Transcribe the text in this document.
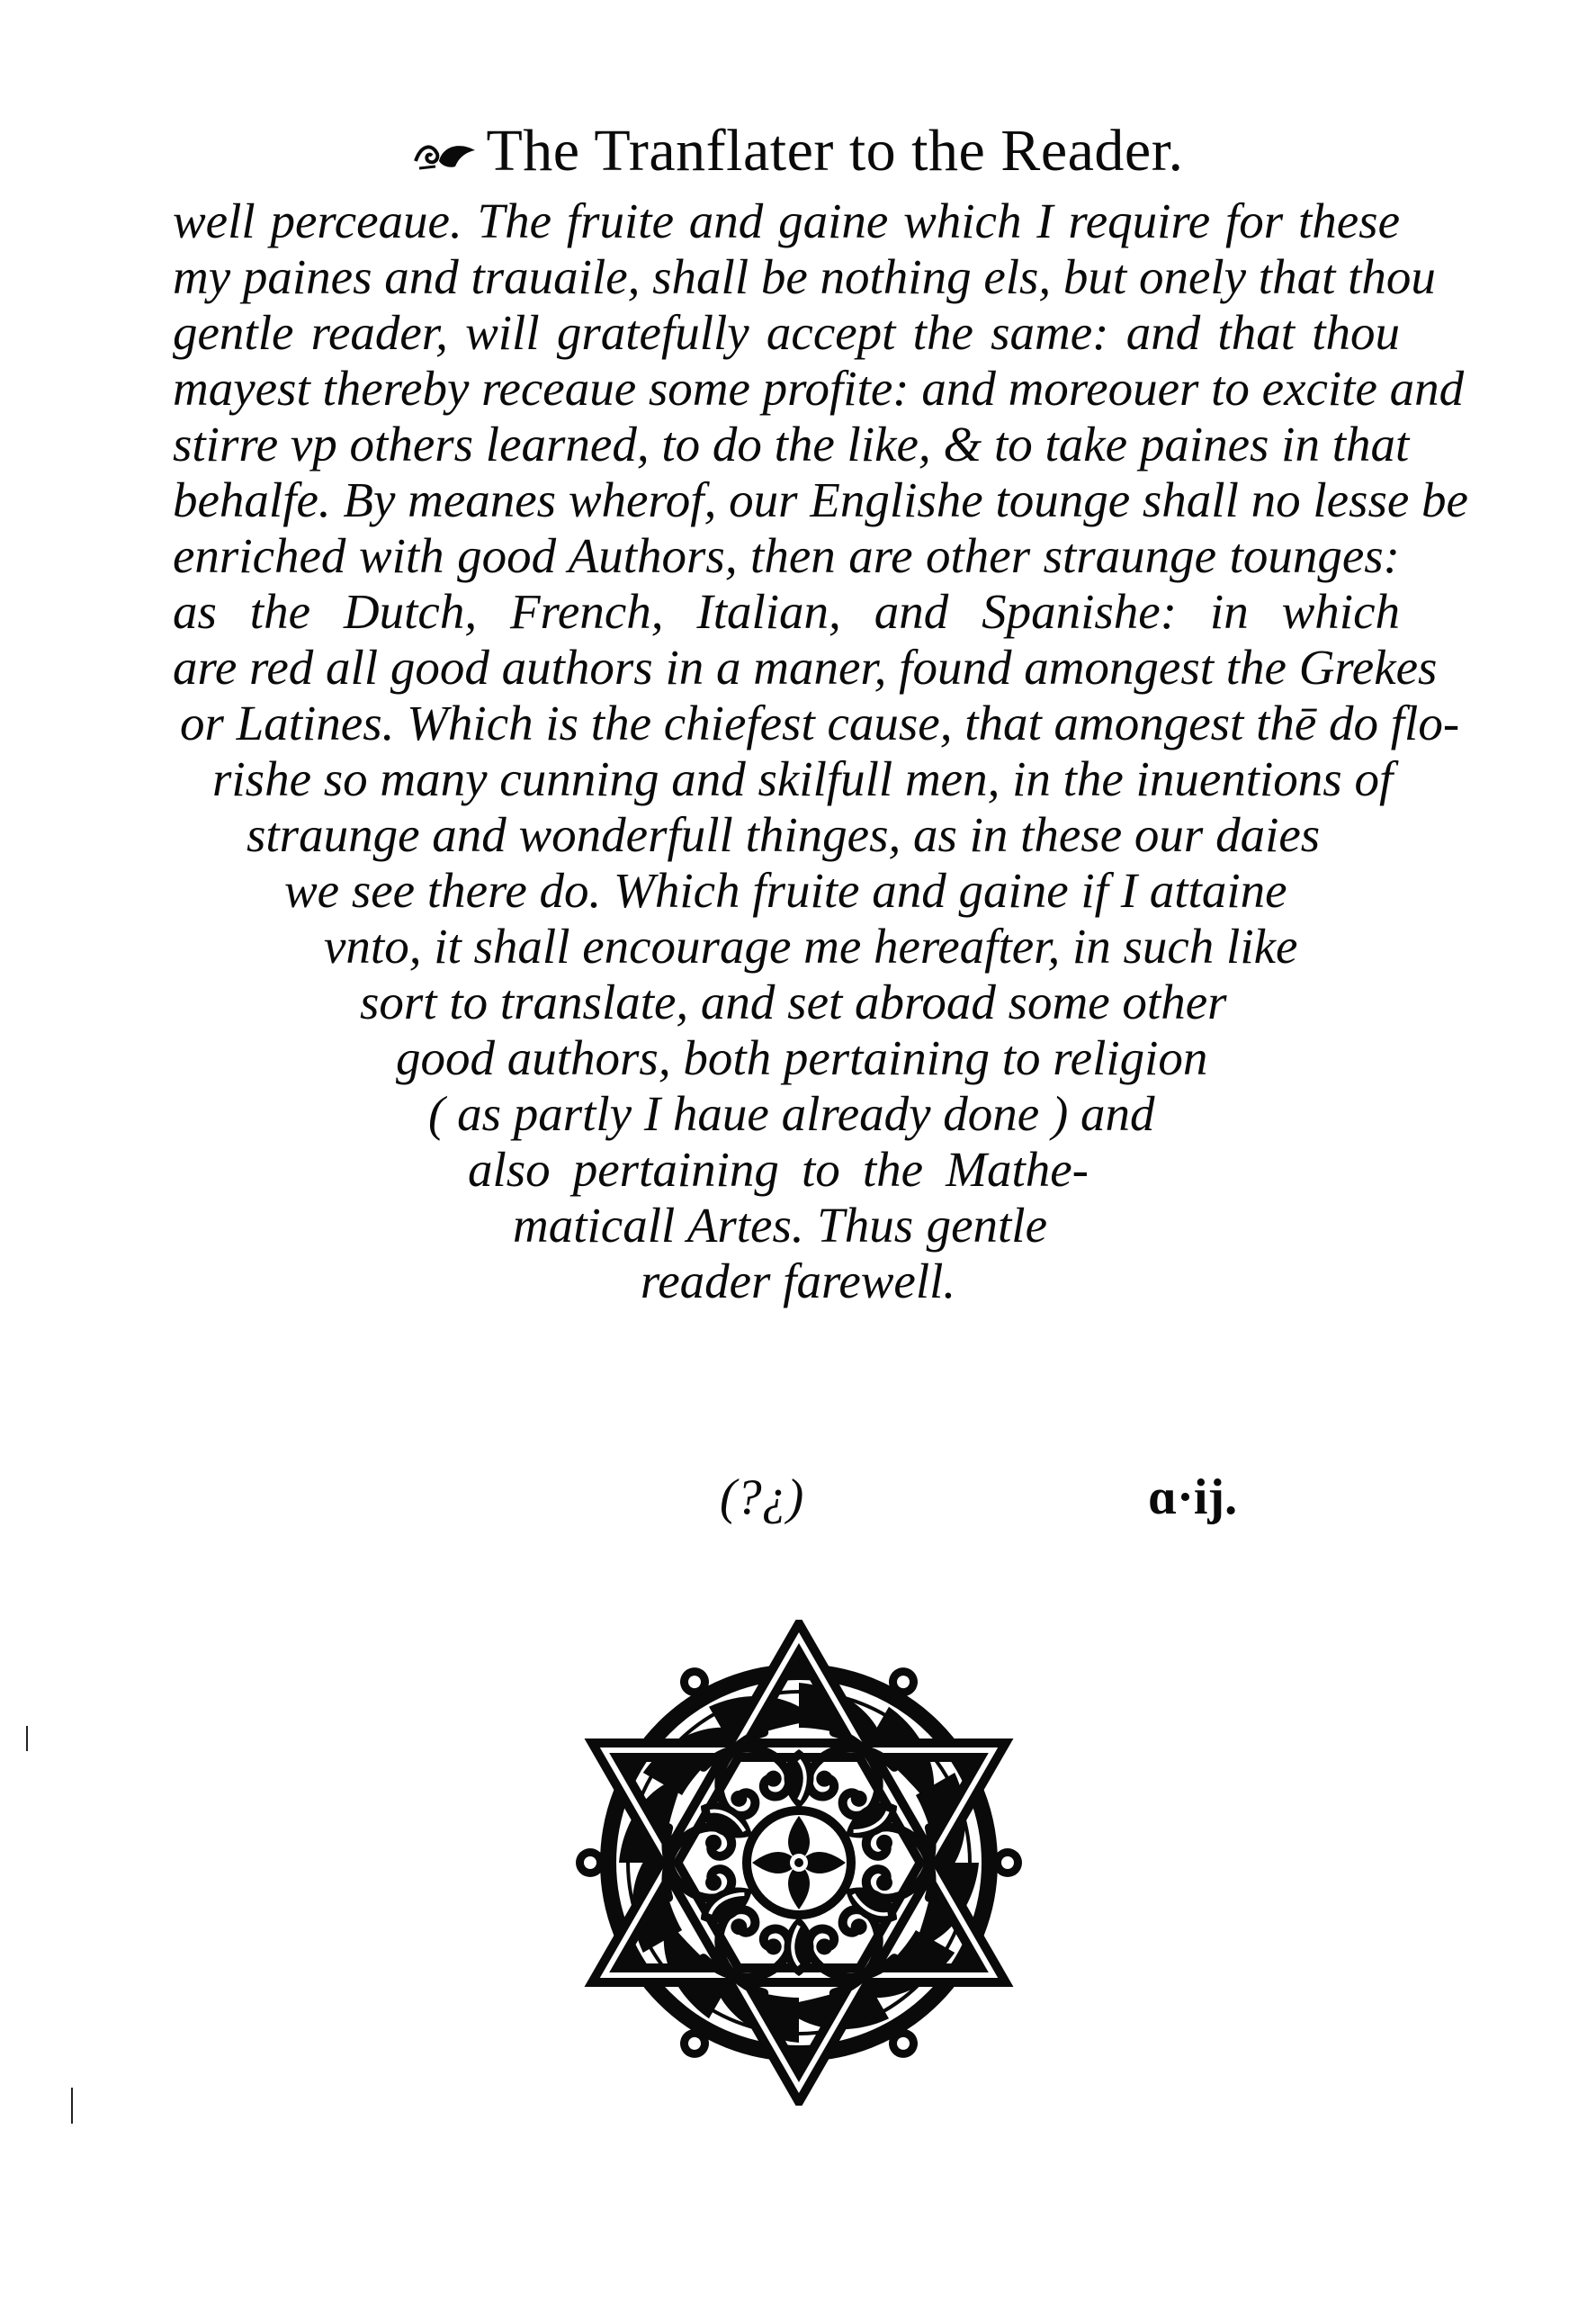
The Tranflater to the Reader.
well perceaue. The fruite and gaine which I require for these
my paines and trauaile, shall be nothing els, but onely that thou
gentle reader, will gratefully accept the same: and that thou
mayest thereby receaue some profite: and moreouer to excite and
stirre vp others learned, to do the like, & to take paines in that
behalfe. By meanes wherof, our Englishe tounge shall no lesse be
enriched with good Authors, then are other straunge tounges:
as the Dutch, French, Italian, and Spanishe: in which
are red all good authors in a maner, found amongest the Grekes
or Latines. Which is the chiefest cause, that amongest thē do flo-
rishe so many cunning and skilfull men, in the inuentions of
straunge and wonderfull thinges, as in these our daies
we see there do. Which fruite and gaine if I attaine
vnto, it shall encourage me hereafter, in such like
sort to translate, and set abroad some other
good authors, both pertaining to religion
( as partly I haue already done ) and
also pertaining to the Mathe-
maticall Artes. Thus gentle
reader farewell.
(?¿)	ɑ·ij.
